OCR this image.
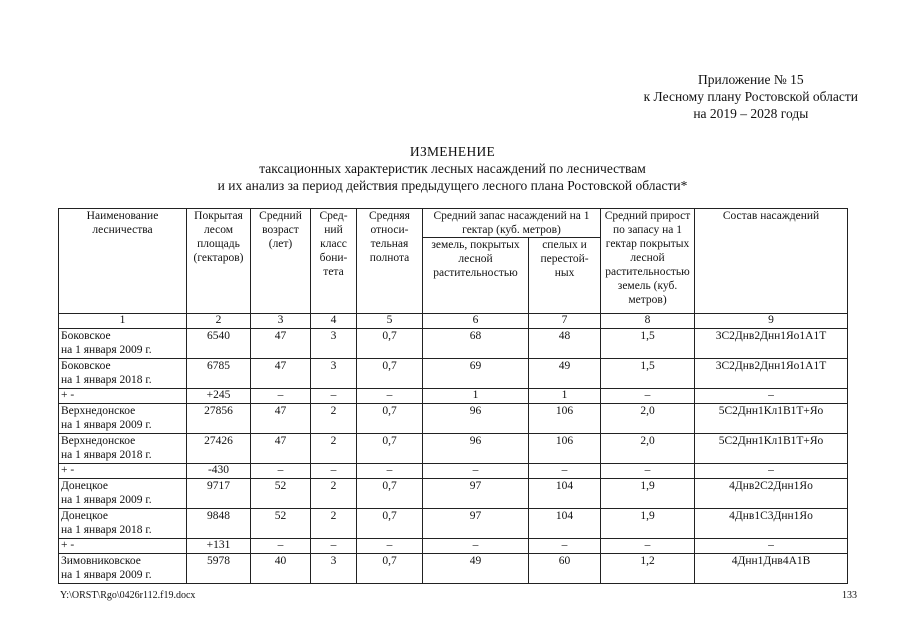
Приложение № 15
к Лесному плану Ростовской области
на 2019 – 2028 годы
ИЗМЕНЕНИЕ
таксационных характеристик лесных насаждений по лесничествам
и их анализ за период действия предыдущего лесного плана Ростовской области*
Наименование лесничества	Покрытая лесом площадь (гектаров)	Средний возраст (лет)	Сред-ний класс бони-тета	Средняя относи-тельная полнота	Средний запас насаждений на 1 гектар (куб. метров)		Средний прирост по запасу на 1 гектар покрытых лесной растительностью земель (куб. метров)	Состав насаждений
					земель, покрытых лесной растительностью	спелых и перестой-ных		
1	2	3	4	5	6	7	8	9

Боковское
на 1 января 2009 г.	6540	47	3	0,7	68	48	1,5	3С2Днв2Днн1Яо1А1Т

Боковское
на 1 января 2018 г.	6785	47	3	0,7	69	49	1,5	3С2Днв2Днн1Яо1А1Т

+ -	+245	–	–	–	1	1	–	–

Верхнедонское
на 1 января 2009 г.	27856	47	2	0,7	96	106	2,0	5С2Днн1Кл1В1Т+Яо

Верхнедонское
на 1 января 2018 г.	27426	47	2	0,7	96	106	2,0	5С2Днн1Кл1В1Т+Яо

+ -	-430	–	–	–	–	–	–	–

Донецкое
на 1 января 2009 г.	9717	52	2	0,7	97	104	1,9	4Днв2С2Днн1Яо

Донецкое
на 1 января 2018 г.	9848	52	2	0,7	97	104	1,9	4Днв1С3Днн1Яо

+ -	+131	–	–	–	–	–	–	–

Зимовниковское
на 1 января 2009 г.	5978	40	3	0,7	49	60	1,2	4Днн1Днв4А1В
Y:\ORST\Rgo\0426r112.f19.docx	133
